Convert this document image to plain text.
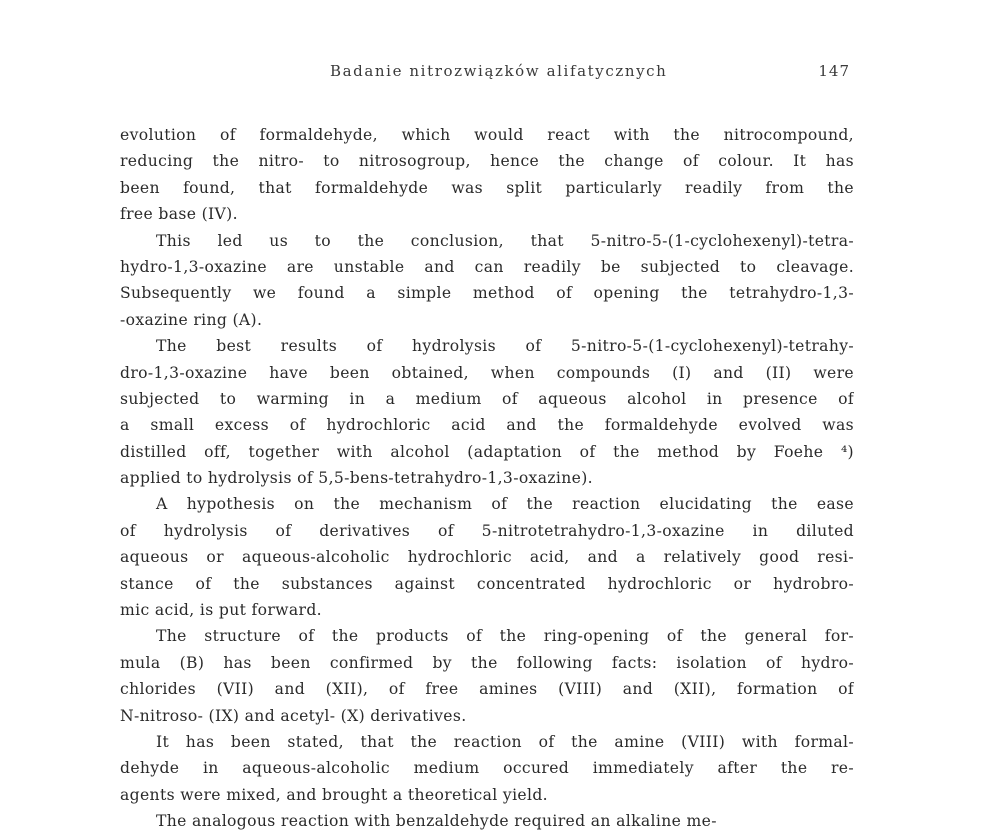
Badanie nitrozwiązków alifatycznych	147
evolution of formaldehyde, which would react with the nitrocompound,
reducing the nitro- to nitrosogroup, hence the change of colour. It has
been found, that formaldehyde was split particularly readily from the
free base (IV).
This led us to the conclusion, that 5-nitro-5-(1-cyclohexenyl)-tetra-
hydro-1,3-oxazine are unstable and can readily be subjected to cleavage.
Subsequently we found a simple method of opening the tetrahydro-1,3-
-oxazine ring (A).
The best results of hydrolysis of 5-nitro-5-(1-cyclohexenyl)-tetrahy-
dro-1,3-oxazine have been obtained, when compounds (I) and (II) were
subjected to warming in a medium of aqueous alcohol in presence of
a small excess of hydrochloric acid and the formaldehyde evolved was
distilled off, together with alcohol (adaptation of the method by Foehe ⁴)
applied to hydrolysis of 5,5-bens-tetrahydro-1,3-oxazine).
A hypothesis on the mechanism of the reaction elucidating the ease
of hydrolysis of derivatives of 5-nitrotetrahydro-1,3-oxazine in diluted
aqueous or aqueous-alcoholic hydrochloric acid, and a relatively good resi-
stance of the substances against concentrated hydrochloric or hydrobro-
mic acid, is put forward.
The structure of the products of the ring-opening of the general for-
mula (B) has been confirmed by the following facts: isolation of hydro-
chlorides (VII) and (XII), of free amines (VIII) and (XII), formation of
N-nitroso- (IX) and acetyl- (X) derivatives.
It has been stated, that the reaction of the amine (VIII) with formal-
dehyde in aqueous-alcoholic medium occured immediately after the re-
agents were mixed, and brought a theoretical yield.
The analogous reaction with benzaldehyde required an alkaline me-
